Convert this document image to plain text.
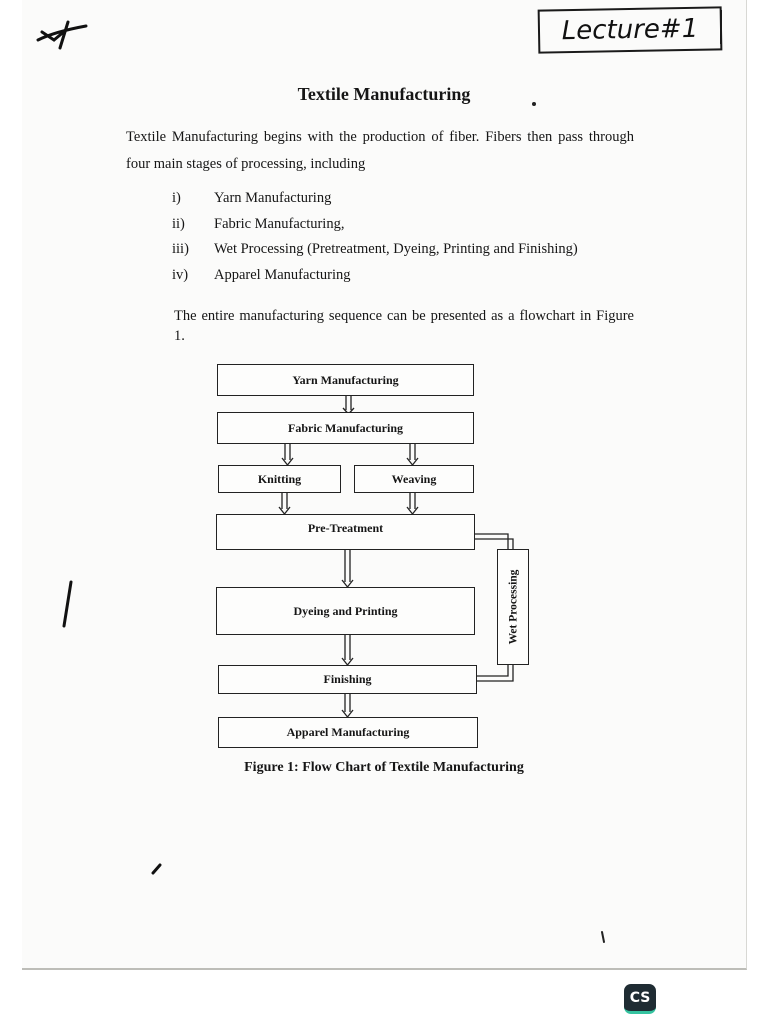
Lecture#1
Textile Manufacturing
Textile Manufacturing begins with the production of fiber. Fibers then pass through four main stages of processing, including
i) Yarn Manufacturing
ii) Fabric Manufacturing,
iii) Wet Processing (Pretreatment, Dyeing, Printing and Finishing)
iv) Apparel Manufacturing
The entire manufacturing sequence can be presented as a flowchart in Figure 1.
Yarn Manufacturing
Fabric Manufacturing
Knitting	Weaving
Pre-Treatment
Dyeing and Printing
Finishing
Apparel Manufacturing
Wet Processing
Figure 1: Flow Chart of Textile Manufacturing
CS
